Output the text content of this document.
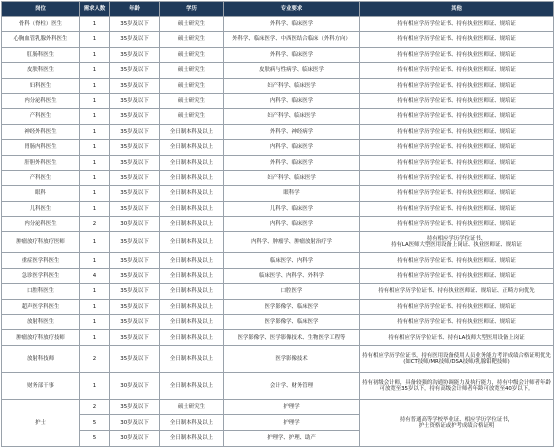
岗位	需求人数	年龄	学历	专业要求	其他
骨科（脊柱）医生	1	35岁及以下	硕士研究生	外科学、临床医学	持有相应学历学位证书、持有执业医师证、规培证
心胸血管乳腺外科医生	1	35岁及以下	硕士研究生	外科学、临床医学、中西医结合临床（外科方向）	持有相应学历学位证书、持有执业医师证、规培证
肛肠科医生	1	35岁及以下	硕士研究生	外科学、临床医学	持有相应学历学位证书、持有执业医师证、规培证
皮肤科医生	1	35岁及以下	硕士研究生	皮肤病与性病学、临床医学	持有相应学历学位证书、持有执业医师证、规培证
妇科医生	1	35岁及以下	硕士研究生	妇产科学、临床医学	持有相应学历学位证书、持有执业医师证、规培证
内分泌科医生	1	35岁及以下	硕士研究生	内科学、临床医学	持有相应学历学位证书、持有执业医师证、规培证
产科医生	1	35岁及以下	硕士研究生	妇产科学、临床医学	持有相应学历学位证书、持有执业医师证、规培证
神经外科医生	1	35岁及以下	全日制本科及以上	外科学、神经病学	持有相应学历学位证书、持有执业医师证、规培证
胃肠内科医生	1	35岁及以下	全日制本科及以上	内科学、临床医学	持有相应学历学位证书、持有执业医师证、规培证
肝胆外科医生	1	35岁及以下	全日制本科及以上	外科学、临床医学	持有相应学历学位证书、持有执业医师证、规培证
产科医生	1	35岁及以下	全日制本科及以上	妇产科学、临床医学	持有相应学历学位证书、持有执业医师证、规培证
眼科	1	35岁及以下	全日制本科及以上	眼科学	持有相应学历学位证书、持有执业医师证、规培证
儿科医生	1	35岁及以下	全日制本科及以上	儿科学、临床医学	持有相应学历学位证书、持有执业医师证、规培证
内分泌科医生	2	30岁及以下	全日制本科及以上	内科学、临床医学	持有相应学历学位证书、持有执业医师证、规培证
肿瘤放疗科放疗医师	1	35岁及以下	全日制本科及以上	内科学、肿瘤学、肿瘤放射治疗学	持有相应学历学位证书、
持有LA医师大型医用设备上岗证、执业医师证、规培证
重症医学科医生	1	35岁及以下	全日制本科及以上	临床医学、内科学	持有相应学历学位证书、持有执业医师证、规培证
急诊医学科医生	4	35岁及以下	全日制本科及以上	临床医学、内科学、外科学	持有相应学历学位证书、持有执业医师证、规培证
口腔科医生	1	35岁及以下	全日制本科及以上	口腔医学	持有相应学历学位证书、持有执业医师证、规培证、正畸方向优先
超声医学科医生	1	35岁及以下	全日制本科及以上	医学影像学、临床医学	持有相应学历学位证书、持有执业医师证、规培证
放射科医生	1	35岁及以下	全日制本科及以上	医学影像学、临床医学	持有相应学历学位证书、持有执业医师证、规培证
肿瘤放疗科放疗技师	1	35岁及以下	全日制本科及以上	医学影像学、医学影像技术、生物医学工程等	持有相应学历学位证书、持有LA技师大型医用设备上岗证
放射科技师	2	35岁及以下	全日制本科及以上	医学影像技术	持有相应学历学位证书，持有医用设备使用人员业务能力考评成绩合格证明优先(如CT技师/MR技师/DSA技师/乳腺钼靶技师)
财务部干事	1	30岁及以下	全日制本科及以上	会计学、财务管理	持有初级会计师，具备较强的沟通协调能力及执行能力，持有中级会计师者年龄可放宽至35岁以下，持有高级会计师者年龄可放宽至40岁以下。
护士	2	35岁及以下	硕士研究生	护理学	持有普通高等学校毕业证、相应学历学位证书，
护士资格证或护考成绩合格证明
	5	30岁及以下	全日制本科及以上	护理学	
	5	30岁及以下	全日制本科及以上	护理学、护理、助产	
